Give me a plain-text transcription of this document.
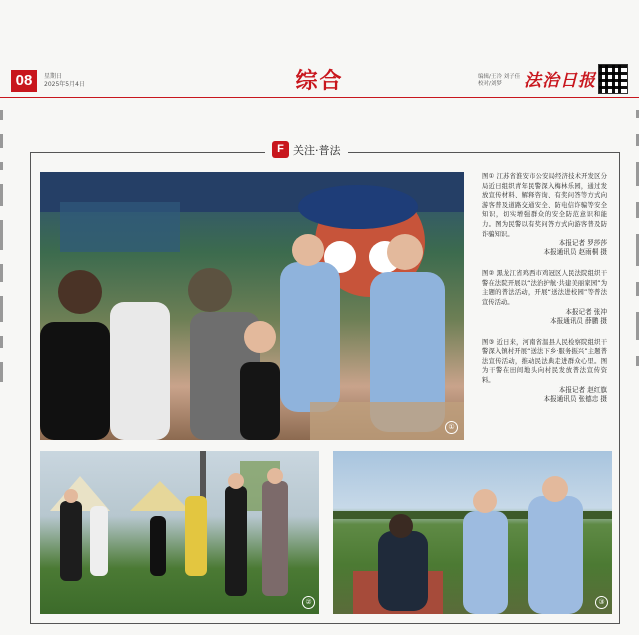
08	星期日
2025年5月4日	综合	编辑/王冷 刘子佳
校对/刘梦	法治日报
F 关注·普法
①
②	③

图① 江苏省淮安市公安局经济技术开发区分局近日组织青年民警深入梅林乐园，通过发放宣传材料、解释咨询、有奖问答等方式向游客普及道路交通安全、防电信诈骗等安全知识，切实增强群众的安全防范意识和能力。图为民警以有奖问答方式向游客普及防诈骗知识。

本报记者 罗莎莎

本报通讯员 赵雨桐 摄

图② 黑龙江省鸡西市鸡冠区人民法院组织干警在法院开展以“法治护航·共建美丽家园”为主题的普法活动，开展“送法进校园”等普法宣传活动。

本报记者 张冲

本报通讯员 薛鹏 摄

图③ 近日来，河南省温县人民检察院组织干警深入镇村开展“送法下乡·服务振兴”主题普法宣传活动，推动民法典走进群众心里。图为干警在田间地头向村民发放普法宣传资料。

本报记者 赵红旗

本报通讯员 张德忠 摄
